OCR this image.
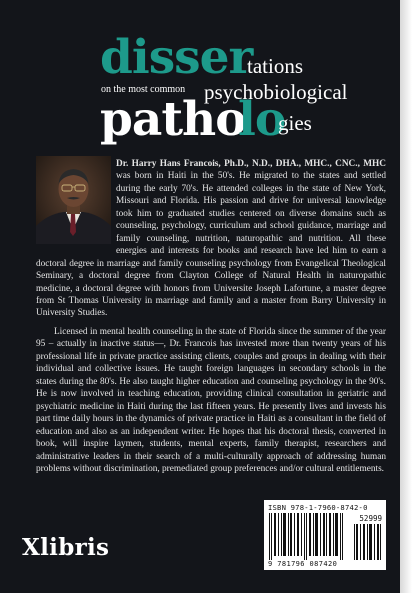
disser
tations
on the most common psychobiological
patho
lo
gies

Dr. Harry Hans Francois, Ph.D., N.D., DHA., MHC., CNC., MHC was born in Haiti in the 50's. He migrated to the states and settled during the early 70's. He attended colleges in the state of New York, Missouri and Florida. His passion and drive for universal knowledge took him to graduated studies centered on diverse domains such as counseling, psychology, curriculum and school guidance, marriage and family counseling, nutrition, naturopathic and nutrition. All these energies and interests for books and research have led him to earn a doctoral degree in marriage and family counseling psychology from Evangelical Theological Seminary, a doctoral degree from Clayton College of Natural Health in naturopathic medicine, a doctoral degree with honors from Universite Joseph Lafortune, a master degree from St Thomas University in marriage and family and a master from Barry University in University Studies.

Licensed in mental health counseling in the state of Florida since the summer of the year 95 – actually in inactive status—, Dr. Francois has invested more than twenty years of his professional life in private practice assisting clients, couples and groups in dealing with their individual and collective issues. He taught foreign languages in secondary schools in the states during the 80's. He also taught higher education and counseling psychology in the 90's. He is now involved in teaching education, providing clinical consultation in geriatric and psychiatric medicine in Haiti during the last fifteen years. He presently lives and invests his part time daily hours in the dynamics of private practice in Haiti as a consultant in the field of education and also as an independent writer. He hopes that his doctoral thesis, converted in book, will inspire laymen, students, mental experts, family therapist, researchers and administrative leaders in their search of a multi-culturally approach of addressing human problems without discrimination, premediated group preferences and/or cultural entitlements.

ISBN 978-1-7960-8742-0
52999
9 781796 087420
Xlibris
